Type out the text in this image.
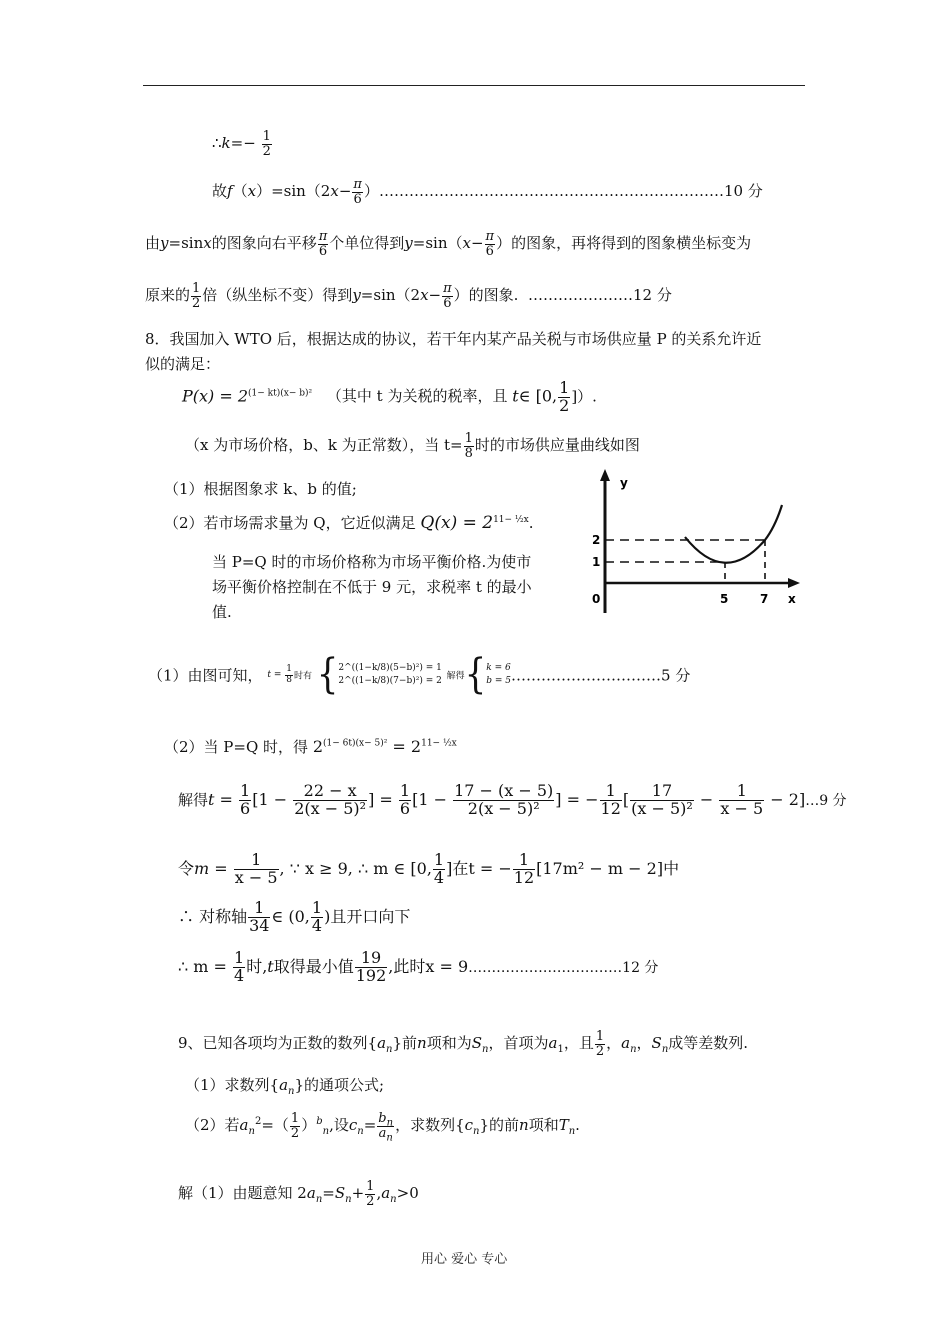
∴k=− $\frac{1}{2}$
故$f(x)=\sin(2x- \frac{\pi}{6}$ ）……………………………………………………………10 分
由y=sinx的图象向右平移 $\frac{\pi}{6}$ 个单位得到$y=\sin(x- \frac{\pi}{6}$ ）的图象，再将得到的图象横坐标变为
原来的 $\frac{1}{2}$ 倍（纵坐标不变）得到$y=\sin(2x- \frac{\pi}{6}$ ）的图象. …………………12 分
8．我国加入 WTO 后，根据达成的协议，若干年内某产品关税与市场供应量 P 的关系允许近
似的满足：
$P(x) = 2^{(1- kt)(x- b)^2}$ （其中 t 为关税的税率，且 t∈ [0, $\frac{1}{2}$ ]）.
（x 为市场价格，b、k 为正常数），当 $t= \frac{1}{8}$ 时的市场供应量曲线如图
（1）根据图象求 k、b 的值;
（2）若市场需求量为 Q，它近似满足 $Q(x) = 2^{11- \frac{1}{2}x}$.
当 P=Q 时的市场价格称为市场平衡价格.为使市
场平衡价格控制在不低于 9 元，求税率 t 的最小
值.
y
x
0
2
1
5	7
（1）由图可知， $t = \frac{1}{8}$ 时有 { 2^((1−k/8)(5−b)²) = 1
2^((1−k/8)(7−b)²) = 2 解得{ k = 6
b = 5 …………………………5 分
（2）当 P=Q 时，得 $2^{(1- 6t)(x- 5)^2} = 2^{11- \frac{1}{2}x}$
解得$t = \frac{1}{6} [1 - \frac{22 - x}{\text{2(x − 5)²}}$ ] = $\frac{1}{6} [1 - \frac{17 - (x - 5)}{\text{2(x − 5)²}}$ ] = − $\frac{1}{12}$ [ $\frac{17}{\text{(x − 5)²}} - \frac{1}{x - 5}$ − 2]…9 分
令$m = \frac{1}{x - 5}$ , ∵ x ≥ 9, ∴ m ∈ [0, $\frac{1}{4}$ ]在t = − $\frac{1}{12} [17m^2 - m - 2]$中
∴ 对称轴 $\frac{1}{34}$ ∈ (0, $\frac{1}{4}$ )且开口向下
∴ $m = \frac{1}{4}$ 时,t取得最小值 $\frac{19}{192}$ ,此时x = 9……………………………12 分
9、已知各项均为正数的数列$\{a_n\}$前n项和为$S_n$，首项为$a_1$，且 $\frac{1}{2}$ ，$a_n$，$S_n$成等差数列.
（1）求数列$\{a_n\}$的通项公式;
（2）若$a_n^2=( \frac{1}{2} )^b_n$,设$c_n= \frac{b_n}{a_n}$ ，求数列$\{c_n\}$的前n项和$T_n$.
解（1）由题意知 $2a_n=S_n+ \frac{1}{2} ,a_n>0$
用心 爱心 专心
